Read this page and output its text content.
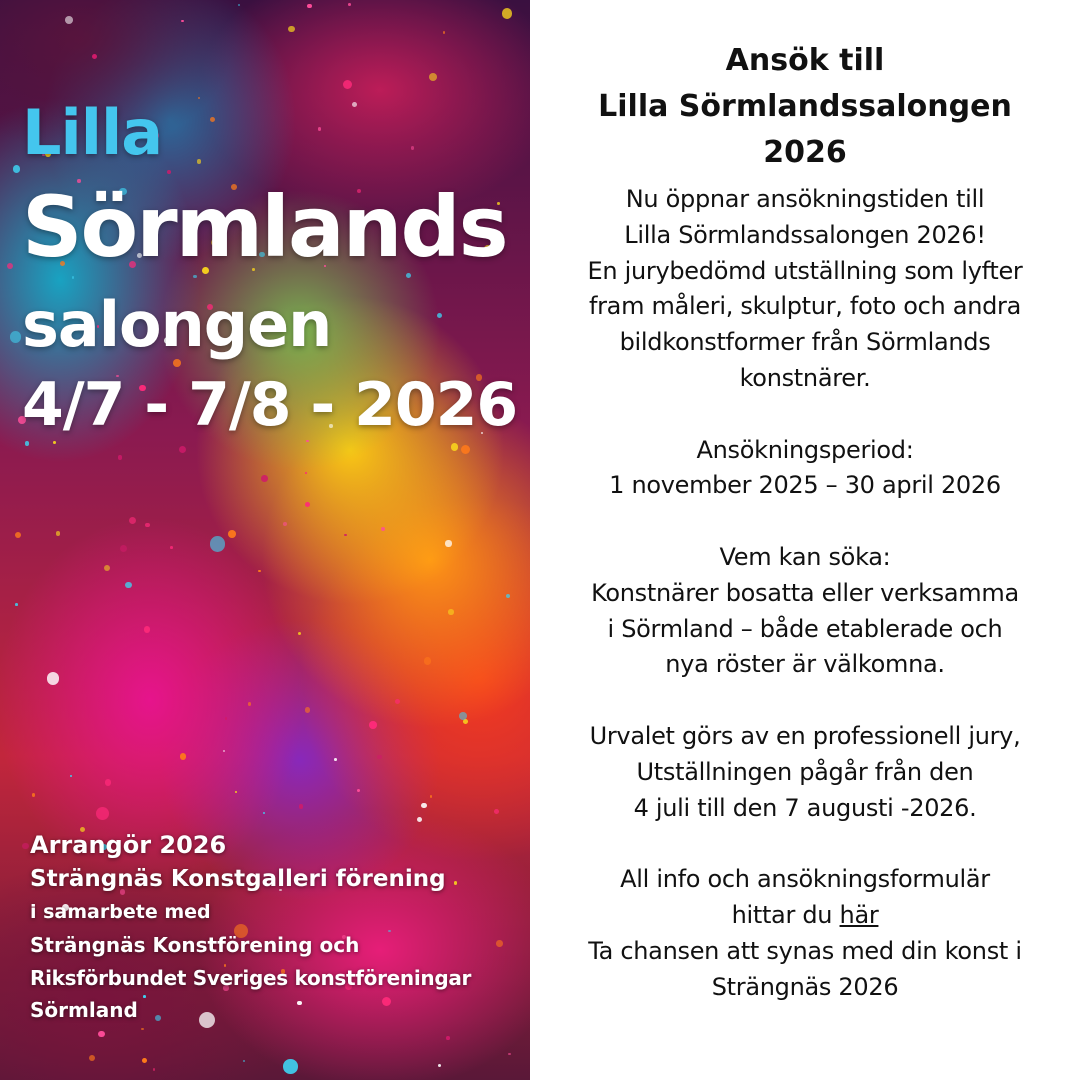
Lilla
Sörmlands
salongen
4/7 - 7/8 - 2026
Arrangör 2026
Strängnäs Konstgalleri förening
i samarbete med
Strängnäs Konstförening och
Riksförbundet Sveriges konstföreningar
Sörmland
Ansök till
Lilla Sörmlandssalongen
2026
Nu öppnar ansökningstiden till
Lilla Sörmlandssalongen 2026!
En jurybedömd utställning som lyfter
fram måleri, skulptur, foto och andra
bildkonstformer från Sörmlands
konstnärer.
Ansökningsperiod:
1 november 2025 – 30 april 2026
Vem kan söka:
Konstnärer bosatta eller verksamma
i Sörmland – både etablerade och
nya röster är välkomna.
Urvalet görs av en professionell jury,
Utställningen pågår från den
4 juli till den 7 augusti -2026.
All info och ansökningsformulär
hittar du här
Ta chansen att synas med din konst i
Strängnäs 2026
